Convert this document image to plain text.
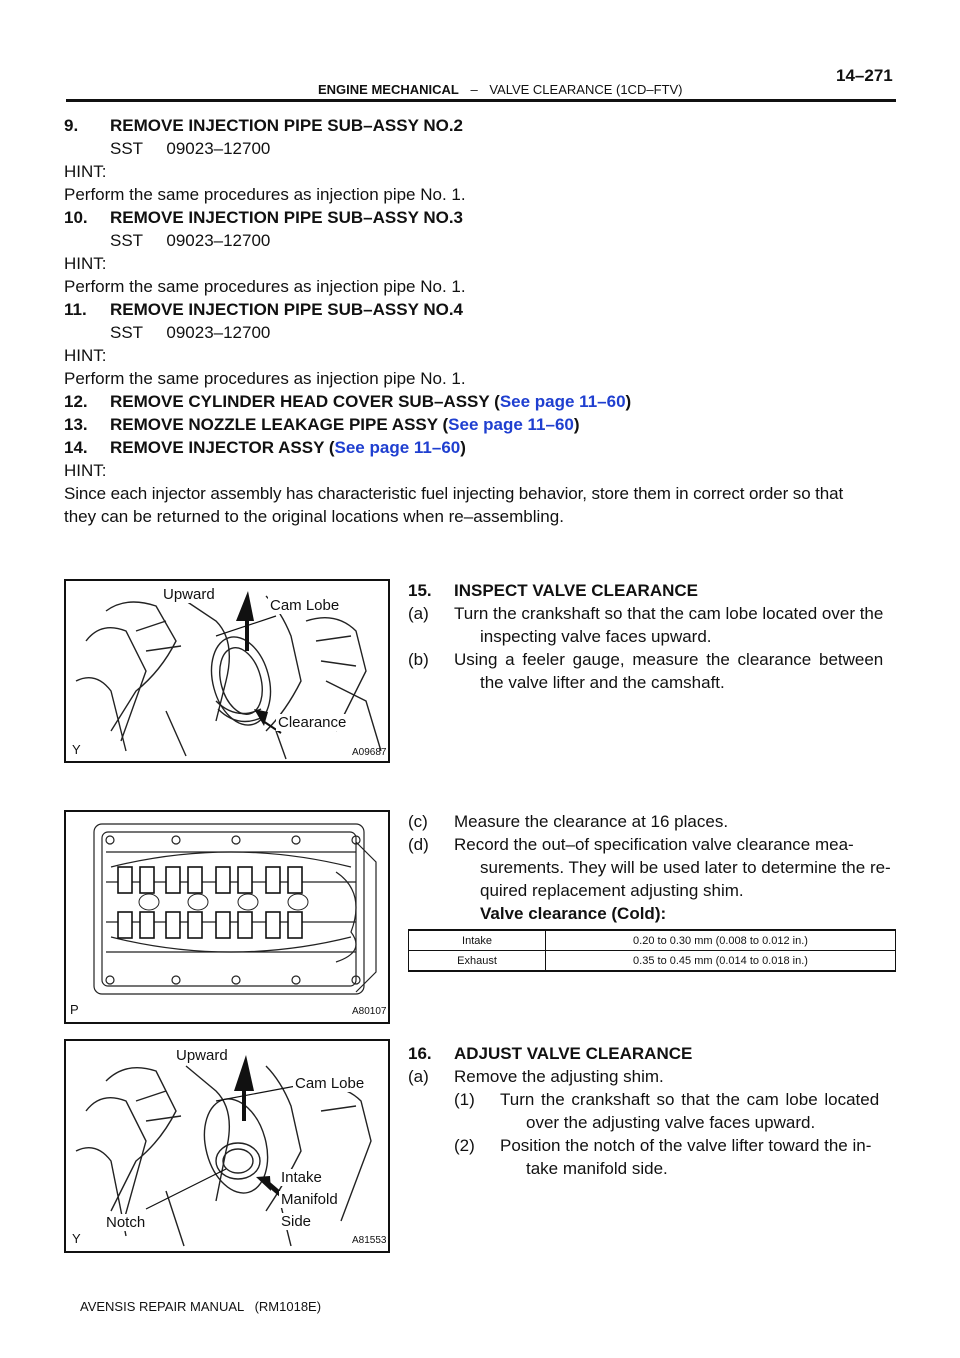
ENGINE MECHANICAL – VALVE CLEARANCE (1CD–FTV)
14–271
9. REMOVE INJECTION PIPE SUB–ASSY NO.2
SST     09023–12700
HINT:
Perform the same procedures as injection pipe No. 1.
10. REMOVE INJECTION PIPE SUB–ASSY NO.3
SST     09023–12700
HINT:
Perform the same procedures as injection pipe No. 1.
11. REMOVE INJECTION PIPE SUB–ASSY NO.4
SST     09023–12700
HINT:
Perform the same procedures as injection pipe No. 1.
12. REMOVE CYLINDER HEAD COVER SUB–ASSY (See page 11–60)
13. REMOVE NOZZLE LEAKAGE PIPE ASSY (See page 11–60)
14. REMOVE INJECTOR ASSY (See page 11–60)
HINT:
Since each injector assembly has characteristic fuel injecting behavior, store them in correct order so that
they can be returned to the original locations when re–assembling.
Upward
Cam Lobe
Clearance
Y	A09687
15. INSPECT VALVE CLEARANCE
(a) Turn the crankshaft so that the cam lobe located over the
inspecting valve faces upward.
(b) Using a feeler gauge, measure the clearance between
the valve lifter and the camshaft.
P	A80107
(c) Measure the clearance at 16 places.
(d) Record the out–of specification valve clearance mea-
surements. They will be used later to determine the re-
quired replacement adjusting shim.
Valve clearance (Cold):
Intake	0.20 to 0.30 mm (0.008 to 0.012 in.)
Exhaust	0.35 to 0.45 mm (0.014 to 0.018 in.)
Upward
Cam Lobe
Intake
Manifold
Side
Notch
Y	A81553
16. ADJUST VALVE CLEARANCE
(a) Remove the adjusting shim.
(1) Turn the crankshaft so that the cam lobe located
over the adjusting valve faces upward.
(2) Position the notch of the valve lifter toward the in-
take manifold side.
AVENSIS REPAIR MANUAL   (RM1018E)
